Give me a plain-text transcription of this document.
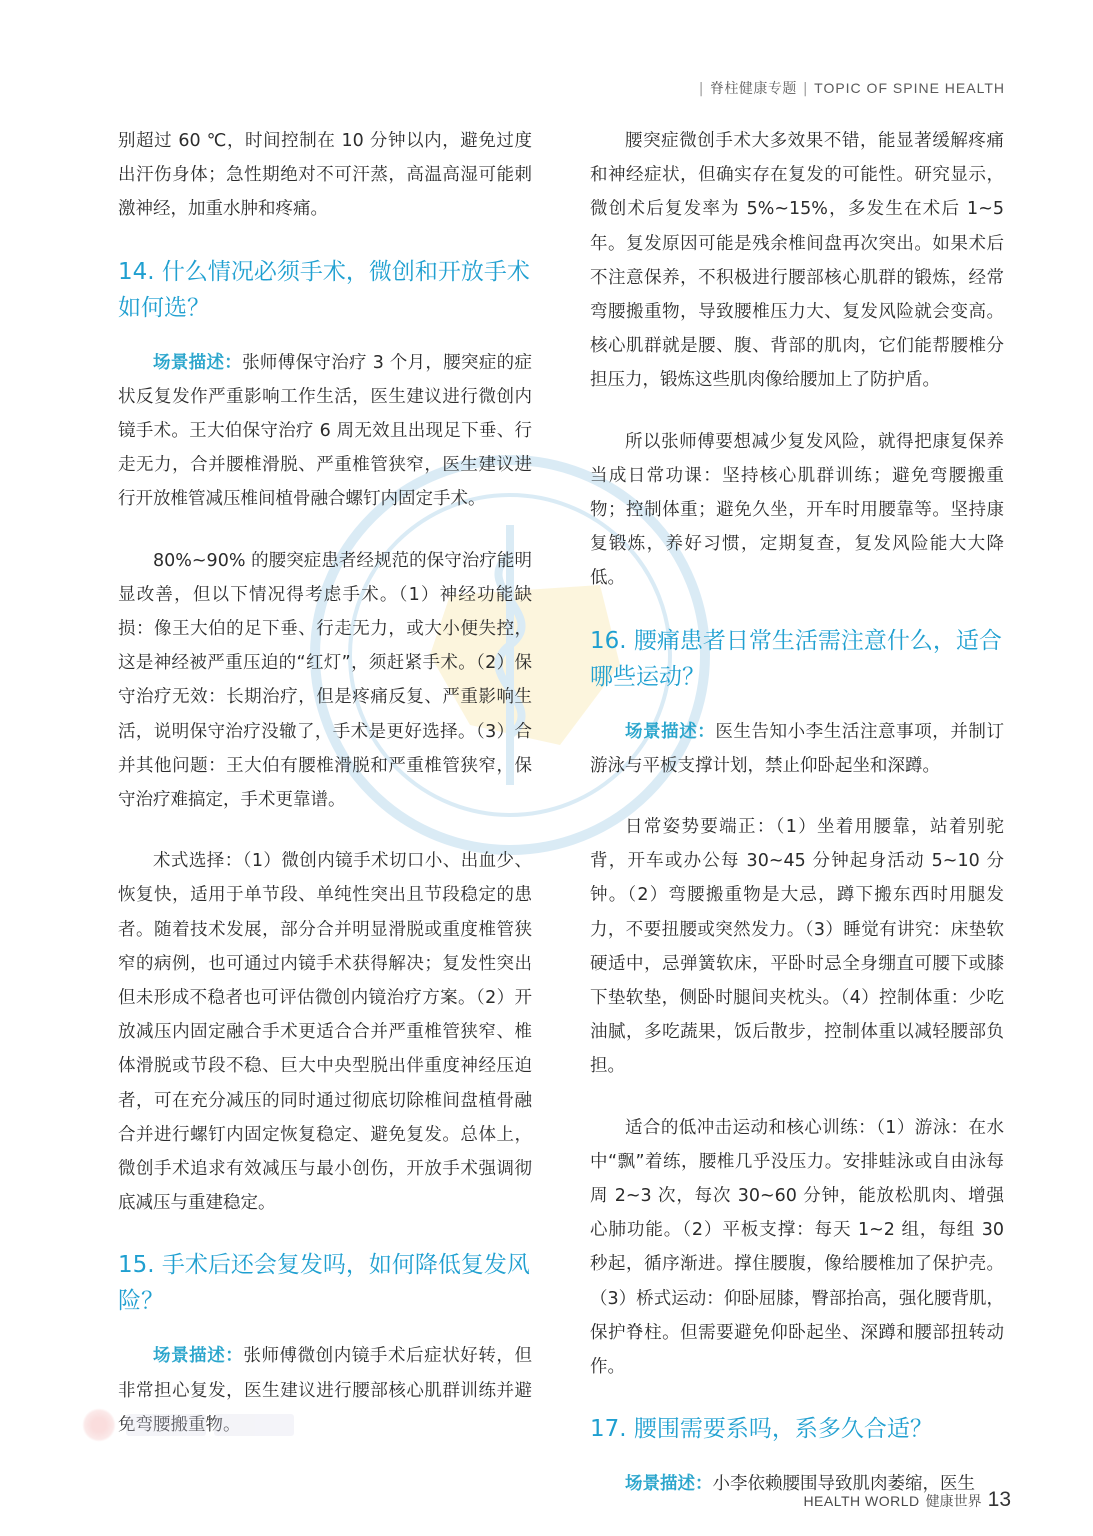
| 脊柱健康专题 | TOPIC OF SPINE HEALTH

别超过 60 ℃，时间控制在 10 分钟以内，避免过度出汗伤身体；急性期绝对不可汗蒸，高温高湿可能刺激神经，加重水肿和疼痛。

14. 什么情况必须手术，微创和开放手术如何选？

场景描述：张师傅保守治疗 3 个月，腰突症的症状反复发作严重影响工作生活，医生建议进行微创内镜手术。王大伯保守治疗 6 周无效且出现足下垂、行走无力，合并腰椎滑脱、严重椎管狭窄，医生建议进行开放椎管减压椎间植骨融合螺钉内固定手术。

80%~90% 的腰突症患者经规范的保守治疗能明显改善，但以下情况得考虑手术。（1）神经功能缺损：像王大伯的足下垂、行走无力，或大小便失控，这是神经被严重压迫的“红灯”，须赶紧手术。（2）保守治疗无效：长期治疗，但是疼痛反复、严重影响生活，说明保守治疗没辙了，手术是更好选择。（3）合并其他问题：王大伯有腰椎滑脱和严重椎管狭窄，保守治疗难搞定，手术更靠谱。

术式选择：（1）微创内镜手术切口小、出血少、恢复快，适用于单节段、单纯性突出且节段稳定的患者。随着技术发展，部分合并明显滑脱或重度椎管狭窄的病例，也可通过内镜手术获得解决；复发性突出但未形成不稳者也可评估微创内镜治疗方案。（2）开放减压内固定融合手术更适合合并严重椎管狭窄、椎体滑脱或节段不稳、巨大中央型脱出伴重度神经压迫者，可在充分减压的同时通过彻底切除椎间盘植骨融合并进行螺钉内固定恢复稳定、避免复发。总体上，微创手术追求有效减压与最小创伤，开放手术强调彻底减压与重建稳定。

15. 手术后还会复发吗，如何降低复发风险？

场景描述：张师傅微创内镜手术后症状好转，但非常担心复发，医生建议进行腰部核心肌群训练并避免弯腰搬重物。

腰突症微创手术大多效果不错，能显著缓解疼痛和神经症状，但确实存在复发的可能性。研究显示，微创术后复发率为 5%~15%，多发生在术后 1~5 年。复发原因可能是残余椎间盘再次突出。如果术后不注意保养，不积极进行腰部核心肌群的锻炼，经常弯腰搬重物，导致腰椎压力大、复发风险就会变高。核心肌群就是腰、腹、背部的肌肉，它们能帮腰椎分担压力，锻炼这些肌肉像给腰加上了防护盾。

所以张师傅要想减少复发风险，就得把康复保养当成日常功课：坚持核心肌群训练；避免弯腰搬重物；控制体重；避免久坐，开车时用腰靠等。坚持康复锻炼，养好习惯，定期复查，复发风险能大大降低。

16. 腰痛患者日常生活需注意什么，适合哪些运动？

场景描述：医生告知小李生活注意事项，并制订游泳与平板支撑计划，禁止仰卧起坐和深蹲。

日常姿势要端正：（1）坐着用腰靠，站着别驼背，开车或办公每 30~45 分钟起身活动 5~10 分钟。（2）弯腰搬重物是大忌，蹲下搬东西时用腿发力，不要扭腰或突然发力。（3）睡觉有讲究：床垫软硬适中，忌弹簧软床，平卧时忌全身绷直可腰下或膝下垫软垫，侧卧时腿间夹枕头。（4）控制体重：少吃油腻，多吃蔬果，饭后散步，控制体重以减轻腰部负担。

适合的低冲击运动和核心训练：（1）游泳：在水中“飘”着练，腰椎几乎没压力。安排蛙泳或自由泳每周 2~3 次，每次 30~60 分钟，能放松肌肉、增强心肺功能。（2）平板支撑：每天 1~2 组，每组 30 秒起，循序渐进。撑住腰腹，像给腰椎加了保护壳。（3）桥式运动：仰卧屈膝，臀部抬高，强化腰背肌，保护脊柱。但需要避免仰卧起坐、深蹲和腰部扭转动作。

17. 腰围需要系吗，系多久合适？

场景描述：小李依赖腰围导致肌肉萎缩，医生

HEALTH WORLD 健康世界 13
